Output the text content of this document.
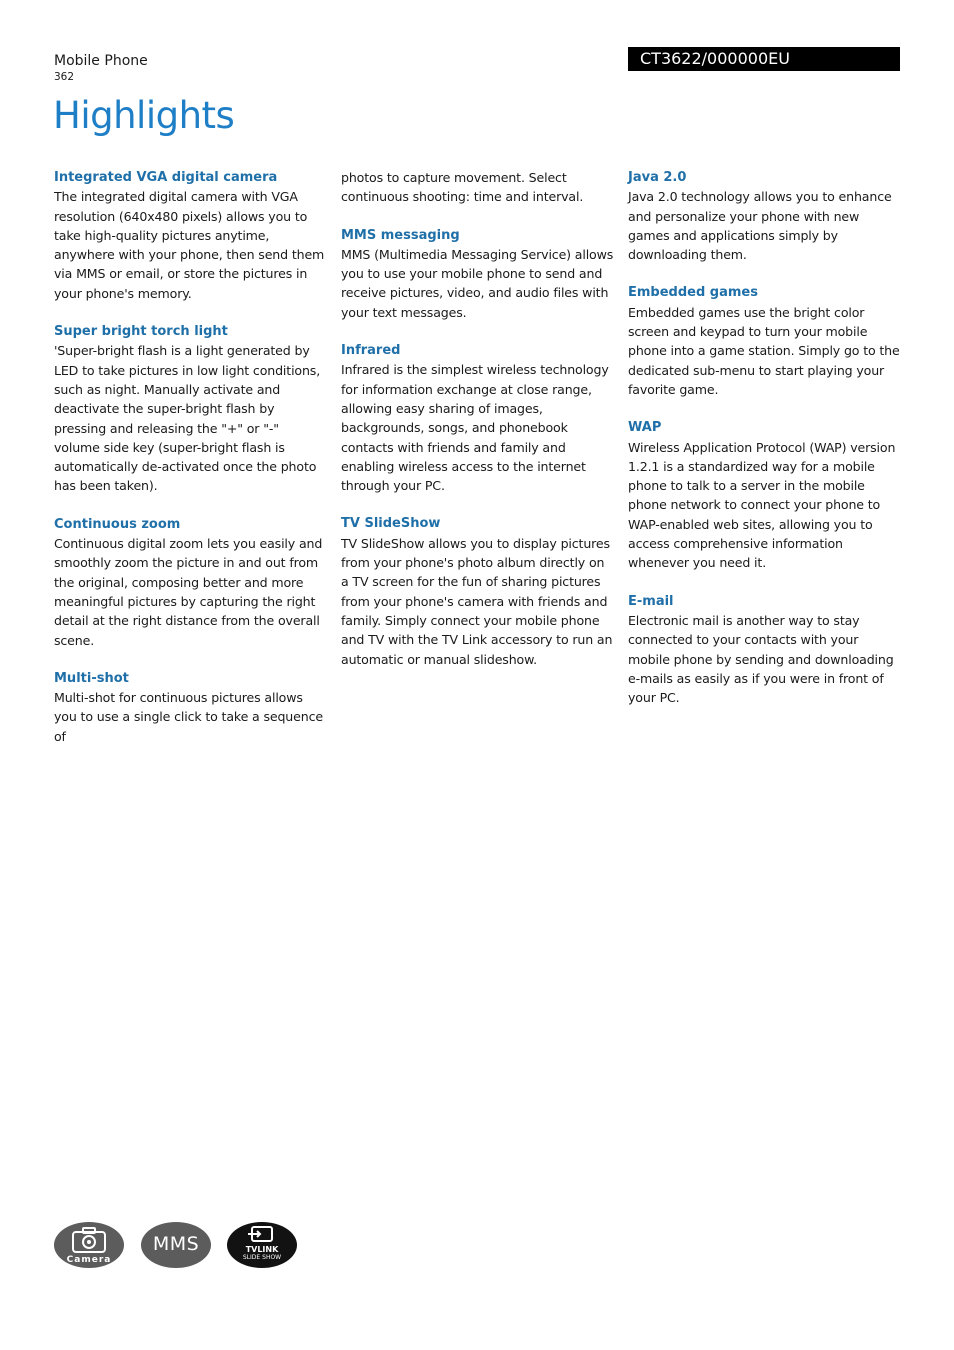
Mobile Phone
362
CT3622/000000EU
Highlights

Integrated VGA digital camera

The integrated digital camera with VGA resolution (640x480 pixels) allows you to take high-quality pictures anytime, anywhere with your phone, then send them via MMS or email, or store the pictures in your phone's memory.

Super bright torch light

'Super-bright flash is a light generated by LED to take pictures in low light conditions, such as night. Manually activate and deactivate the super-bright flash by pressing and releasing the "+" or "-" volume side key (super-bright flash is automatically de-activated once the photo has been taken).

Continuous zoom

Continuous digital zoom lets you easily and smoothly zoom the picture in and out from the original, composing better and more meaningful pictures by capturing the right detail at the right distance from the overall scene.

Multi-shot

Multi-shot for continuous pictures allows you to use a single click to take a sequence of

photos to capture movement. Select continuous shooting: time and interval.

MMS messaging

MMS (Multimedia Messaging Service) allows you to use your mobile phone to send and receive pictures, video, and audio files with your text messages.

Infrared

Infrared is the simplest wireless technology for information exchange at close range, allowing easy sharing of images, backgrounds, songs, and phonebook contacts with friends and family and enabling wireless access to the internet through your PC.

TV SlideShow

TV SlideShow allows you to display pictures from your phone's photo album directly on a TV screen for the fun of sharing pictures from your phone's camera with friends and family. Simply connect your mobile phone and TV with the TV Link accessory to run an automatic or manual slideshow.

Java 2.0

Java 2.0 technology allows you to enhance and personalize your phone with new games and applications simply by downloading them.

Embedded games

Embedded games use the bright color screen and keypad to turn your mobile phone into a game station. Simply go to the dedicated sub-menu to start playing your favorite game.

WAP

Wireless Application Protocol (WAP) version 1.2.1 is a standardized way for a mobile phone to talk to a server in the mobile phone network to connect your phone to WAP-enabled web sites, allowing you to access comprehensive information whenever you need it.

E-mail

Electronic mail is another way to stay connected to your contacts with your mobile phone by sending and downloading e-mails as easily as if you were in front of your PC.

Camera
MMS	TVLINK
SLIDE SHOW
